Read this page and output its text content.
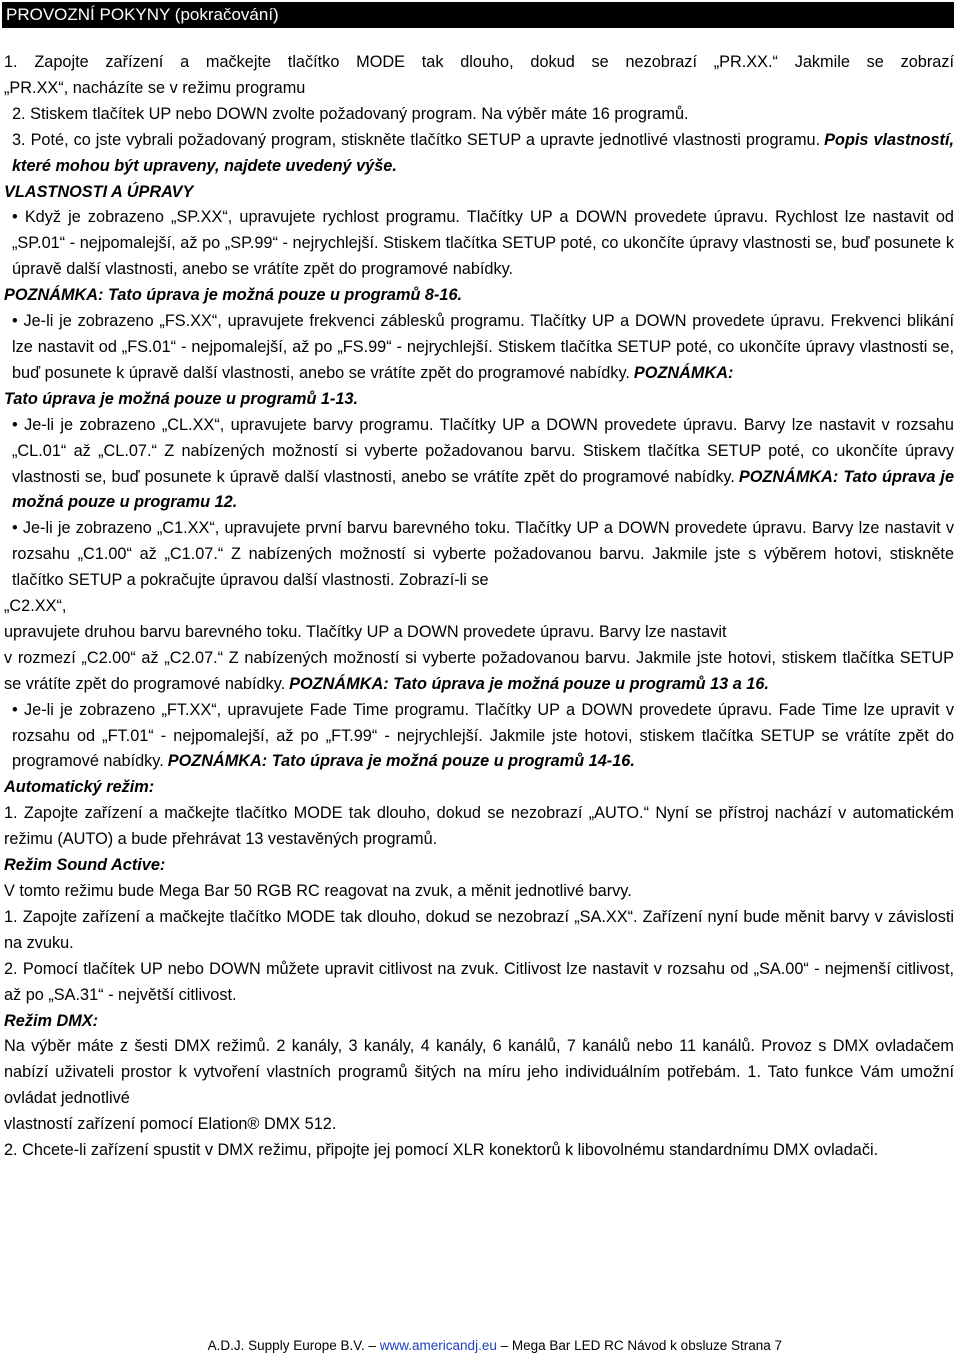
PROVOZNÍ POKYNY (pokračování)

1. Zapojte zařízení a mačkejte tlačítko MODE tak dlouho, dokud se nezobrazí „PR.XX.“ Jakmile se zobrazí

„PR.XX“, nacházíte se v režimu programu

2. Stiskem tlačítek UP nebo DOWN zvolte požadovaný program. Na výběr máte 16 programů.

3. Poté, co jste vybrali požadovaný program, stiskněte tlačítko SETUP a upravte jednotlivé vlastnosti programu. Popis vlastností, které mohou být upraveny, najdete uvedený výše.

VLASTNOSTI A ÚPRAVY

• Když je zobrazeno „SP.XX“, upravujete rychlost programu. Tlačítky UP a DOWN provedete úpravu. Rychlost lze nastavit od „SP.01“ - nejpomalejší, až po „SP.99“ - nejrychlejší. Stiskem tlačítka SETUP poté, co ukončíte úpravy vlastnosti se, buď posunete k úpravě další vlastnosti, anebo se vrátíte zpět do programové nabídky.

POZNÁMKA: Tato úprava je možná pouze u programů 8-16.

• Je-li je zobrazeno „FS.XX“, upravujete frekvenci záblesků programu. Tlačítky UP a DOWN provedete úpravu. Frekvenci blikání lze nastavit od „FS.01“ - nejpomalejší, až po „FS.99“ - nejrychlejší. Stiskem tlačítka SETUP poté, co ukončíte úpravy vlastnosti se, buď posunete k úpravě další vlastnosti, anebo se vrátíte zpět do programové nabídky. POZNÁMKA:

Tato úprava je možná pouze u programů 1-13.

• Je-li je zobrazeno „CL.XX“, upravujete barvy programu. Tlačítky UP a DOWN provedete úpravu. Barvy lze nastavit v rozsahu „CL.01“ až „CL.07.“ Z nabízených možností si vyberte požadovanou barvu. Stiskem tlačítka SETUP poté, co ukončíte úpravy vlastnosti se, buď posunete k úpravě další vlastnosti, anebo se vrátíte zpět do programové nabídky. POZNÁMKA: Tato úprava je možná pouze u programu 12.

• Je-li je zobrazeno „C1.XX“, upravujete první barvu barevného toku. Tlačítky UP a DOWN provedete úpravu. Barvy lze nastavit v rozsahu „C1.00“ až „C1.07.“ Z nabízených možností si vyberte požadovanou barvu. Jakmile jste s výběrem hotovi, stiskněte tlačítko SETUP a pokračujte úpravou další vlastnosti. Zobrazí-li se

„C2.XX“,

upravujete druhou barvu barevného toku. Tlačítky UP a DOWN provedete úpravu. Barvy lze nastavit

v rozmezí „C2.00“ až „C2.07.“ Z nabízených možností si vyberte požadovanou barvu. Jakmile jste hotovi, stiskem tlačítka SETUP se vrátíte zpět do programové nabídky. POZNÁMKA: Tato úprava je možná pouze u programů 13 a 16.

• Je-li je zobrazeno „FT.XX“, upravujete Fade Time programu. Tlačítky UP a DOWN provedete úpravu. Fade Time lze upravit v rozsahu od „FT.01“ - nejpomalejší, až po „FT.99“ - nejrychlejší. Jakmile jste hotovi, stiskem tlačítka SETUP se vrátíte zpět do programové nabídky. POZNÁMKA: Tato úprava je možná pouze u programů 14-16.

Automatický režim:

1. Zapojte zařízení a mačkejte tlačítko MODE tak dlouho, dokud se nezobrazí „AUTO.“ Nyní se přístroj nachází v automatickém režimu (AUTO) a bude přehrávat 13 vestavěných programů.

Režim Sound Active:

V tomto režimu bude Mega Bar 50 RGB RC reagovat na zvuk, a měnit jednotlivé barvy.

1. Zapojte zařízení a mačkejte tlačítko MODE tak dlouho, dokud se nezobrazí „SA.XX“. Zařízení nyní bude měnit barvy v závislosti na zvuku.

2. Pomocí tlačítek UP nebo DOWN můžete upravit citlivost na zvuk. Citlivost lze nastavit v rozsahu od „SA.00“ - nejmenší citlivost, až po „SA.31“ - největší citlivost.

Režim DMX:

Na výběr máte z šesti DMX režimů. 2 kanály, 3 kanály, 4 kanály, 6 kanálů, 7 kanálů nebo 11 kanálů. Provoz s DMX ovladačem nabízí uživateli prostor k vytvoření vlastních programů šitých na míru jeho individuálním potřebám. 1. Tato funkce Vám umožní ovládat jednotlivé

vlastností zařízení pomocí Elation® DMX 512.

2. Chcete-li zařízení spustit v DMX režimu, připojte jej pomocí XLR konektorů k libovolnému standardnímu DMX ovladači.

A.D.J. Supply Europe B.V. – www.americandj.eu – Mega Bar LED RC Návod k obsluze Strana 7
